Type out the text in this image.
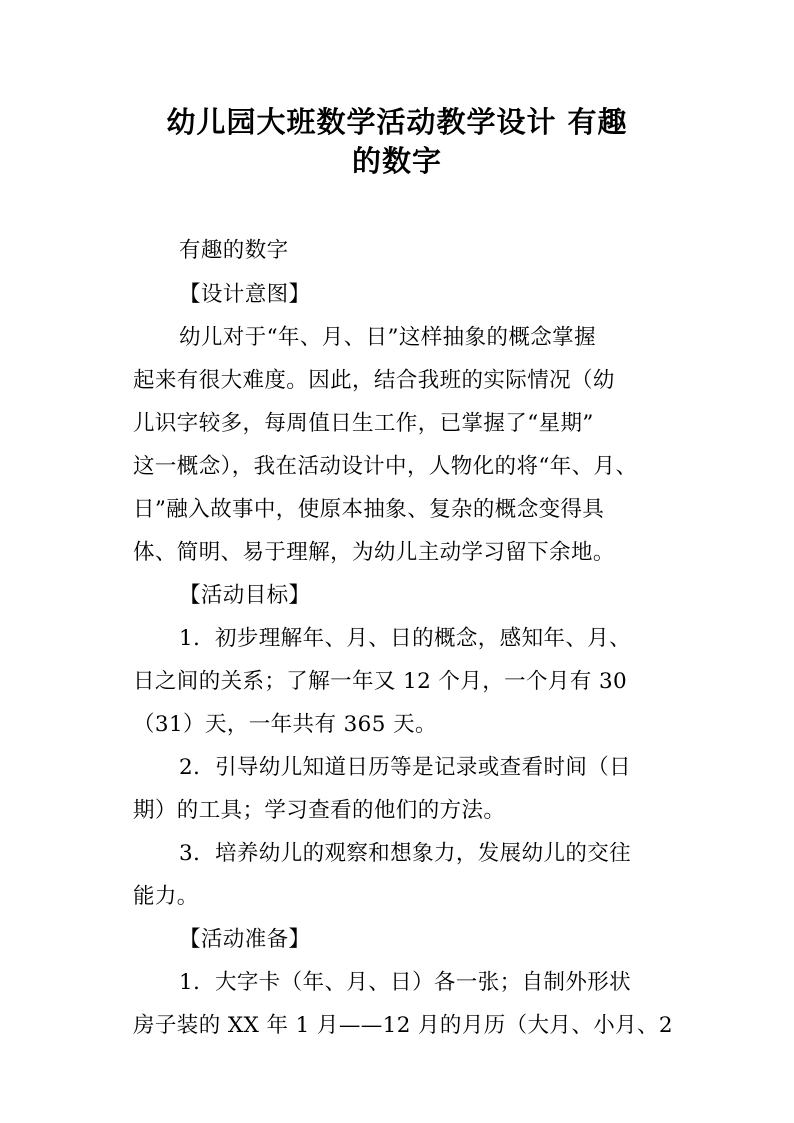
幼儿园大班数学活动教学设计 有趣
的数字

有趣的数字

【设计意图】

幼儿对于“年、月、日”这样抽象的概念掌握

起来有很大难度。因此，结合我班的实际情况（幼

儿识字较多，每周值日生工作，已掌握了“星期”

这一概念），我在活动设计中，人物化的将“年、月、

日”融入故事中，使原本抽象、复杂的概念变得具

体、简明、易于理解，为幼儿主动学习留下余地。

【活动目标】

1．初步理解年、月、日的概念，感知年、月、

日之间的关系；了解一年又 12 个月，一个月有 30

（31）天，一年共有 365 天。

2．引导幼儿知道日历等是记录或查看时间（日

期）的工具；学习查看的他们的方法。

3．培养幼儿的观察和想象力，发展幼儿的交往

能力。

【活动准备】

1．大字卡（年、月、日）各一张；自制外形状

房子装的 XX 年 1 月——12 月的月历（大月、小月、2
